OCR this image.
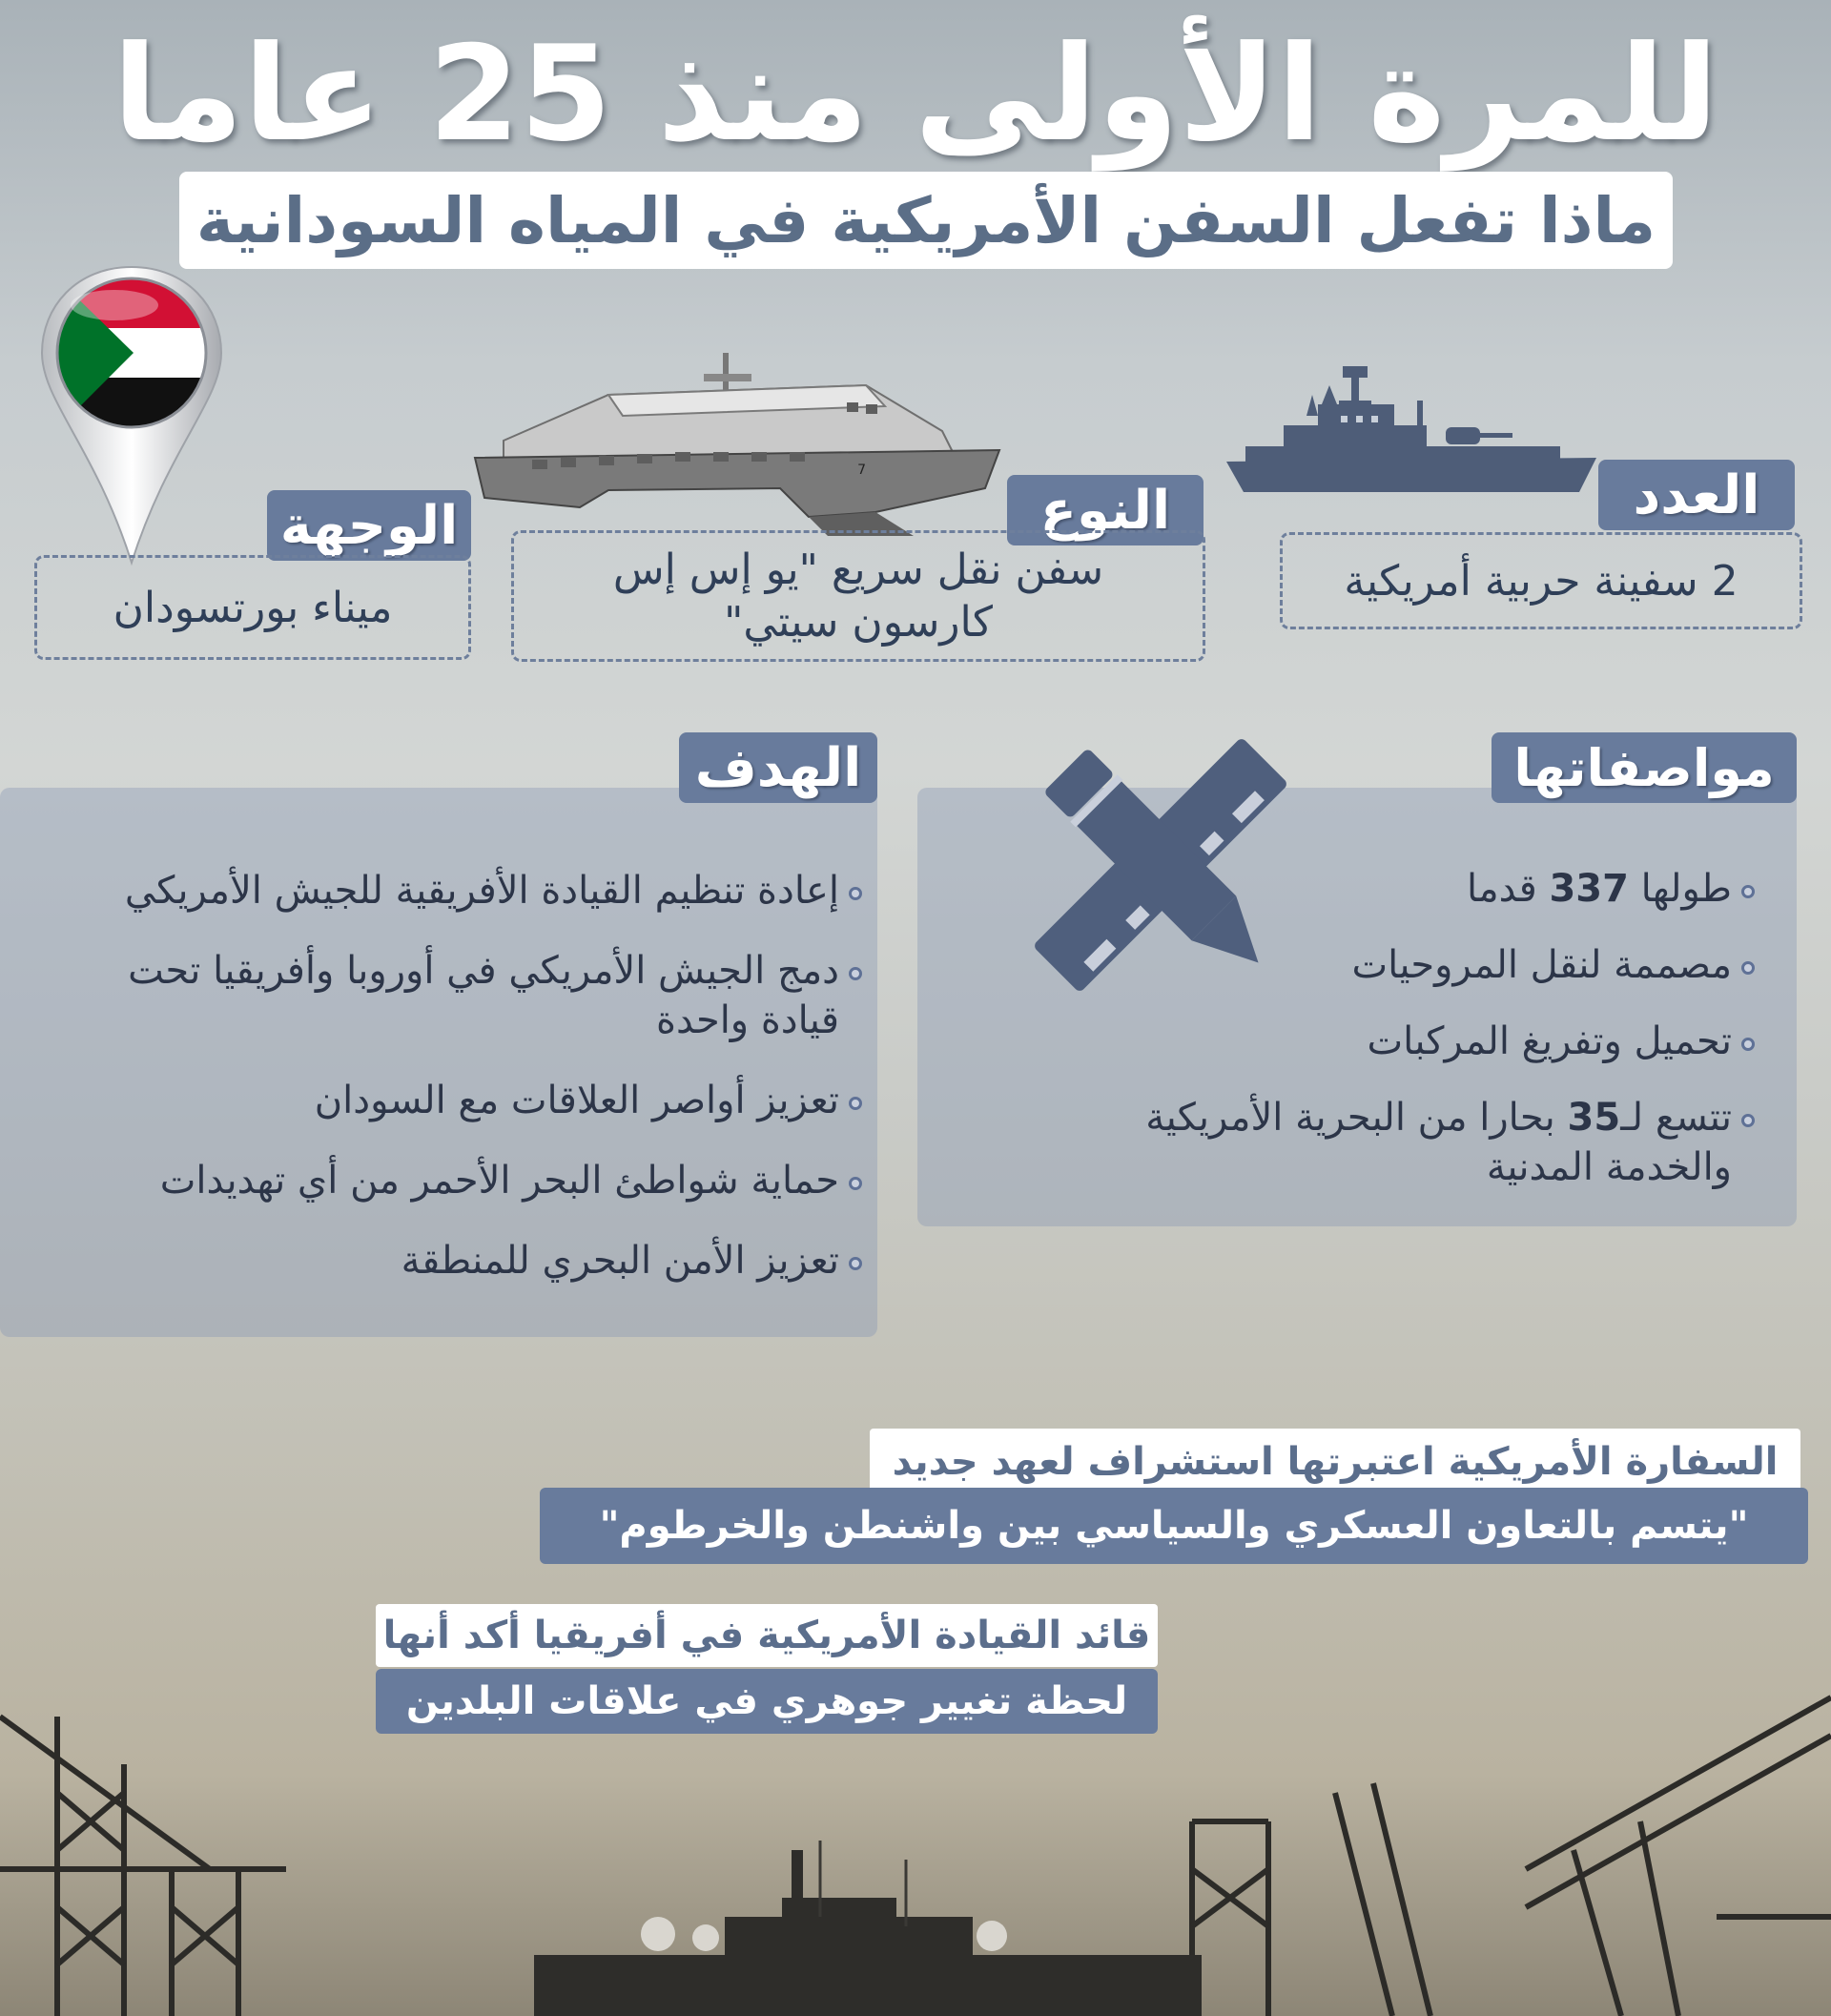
للمرة الأولى منذ 25 عاما
ماذا تفعل السفن الأمريكية في المياه السودانية
7	العدد
2 سفينة حربية أمريكية
النوع
سفن نقل سريع "يو إس إس
كارسون سيتي"
الوجهة
ميناء بورتسودان
مواصفاتها
طولها 337 قدما
مصممة لنقل المروحيات
تحميل وتفريغ المركبات
تتسع لـ35 بحارا من البحرية الأمريكية والخدمة المدنية
الهدف
إعادة تنظيم القيادة الأفريقية للجيش الأمريكي
دمج الجيش الأمريكي في أوروبا وأفريقيا تحت قيادة واحدة
تعزيز أواصر العلاقات مع السودان
حماية شواطئ البحر الأحمر من أي تهديدات
تعزيز الأمن البحري للمنطقة
السفارة الأمريكية اعتبرتها استشراف لعهد جديد
"يتسم بالتعاون العسكري والسياسي بين واشنطن والخرطوم"
قائد القيادة الأمريكية في أفريقيا أكد أنها
لحظة تغيير جوهري في علاقات البلدين
